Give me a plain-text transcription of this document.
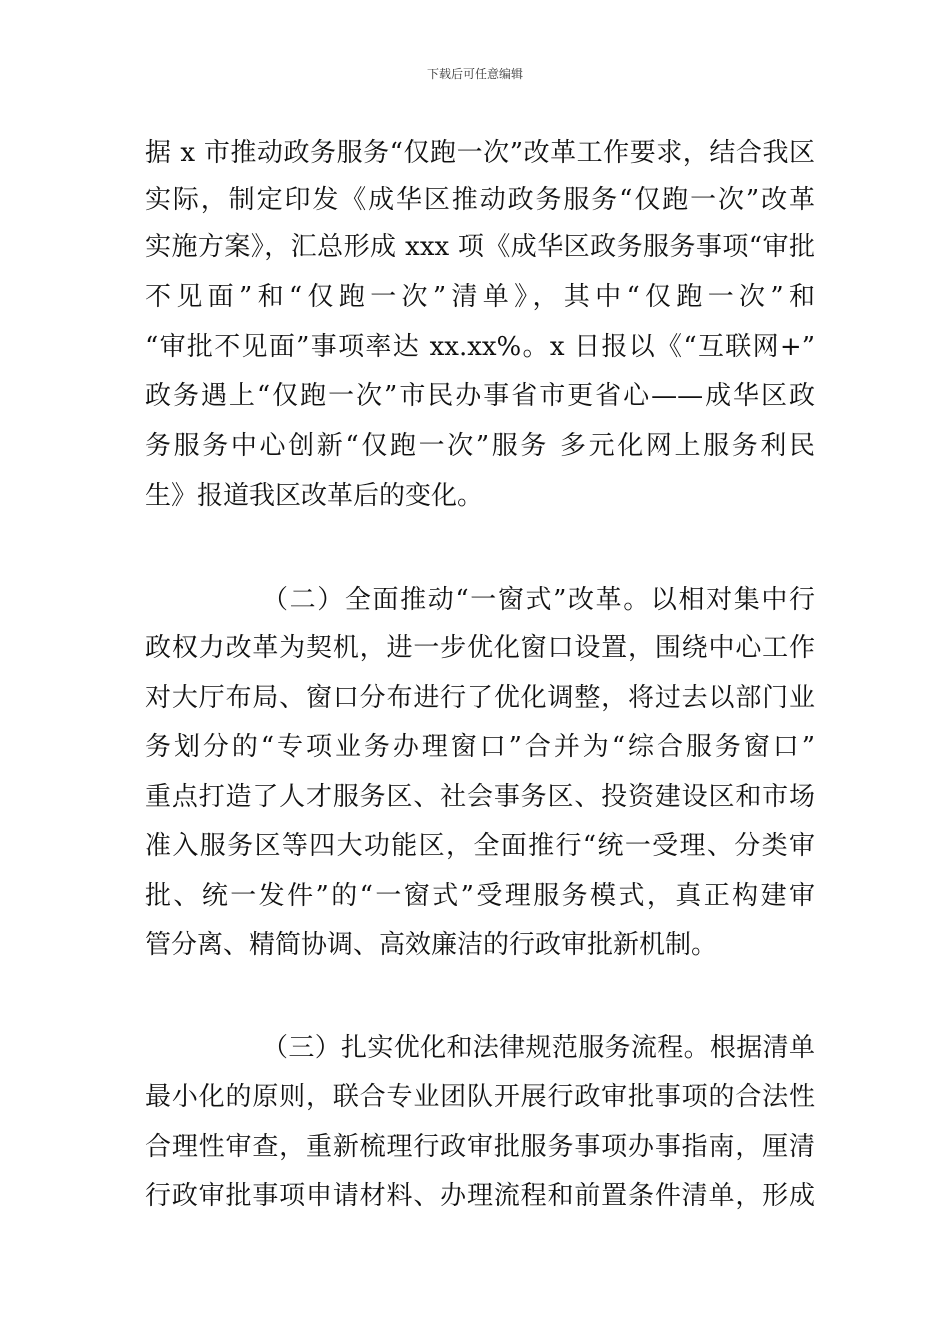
下载后可任意编辑
据 x 市推动政务服务“仅跑一次”改革工作要求，结合我区
实际，制定印发《成华区推动政务服务“仅跑一次”改革
实施方案》，汇总形成 xxx 项《成华区政务服务事项“审批
不见面”和“仅跑一次”清单》，其中“仅跑一次”和
“审批不见面”事项率达 xx.xx%。x 日报以《“互联网+”
政务遇上“仅跑一次”市民办事省市更省心——成华区政
务服务中心创新“仅跑一次”服务 多元化网上服务利民
生》报道我区改革后的变化。
（二）全面推动“一窗式”改革。以相对集中行
政权力改革为契机，进一步优化窗口设置，围绕中心工作
对大厅布局、窗口分布进行了优化调整，将过去以部门业
务划分的“专项业务办理窗口”合并为“综合服务窗口”
重点打造了人才服务区、社会事务区、投资建设区和市场
准入服务区等四大功能区，全面推行“统一受理、分类审
批、统一发件”的“一窗式”受理服务模式，真正构建审
管分离、精简协调、高效廉洁的行政审批新机制。
（三）扎实优化和法律规范服务流程。根据清单
最小化的原则，联合专业团队开展行政审批事项的合法性
合理性审查，重新梳理行政审批服务事项办事指南，厘清
行政审批事项申请材料、办理流程和前置条件清单，形成
